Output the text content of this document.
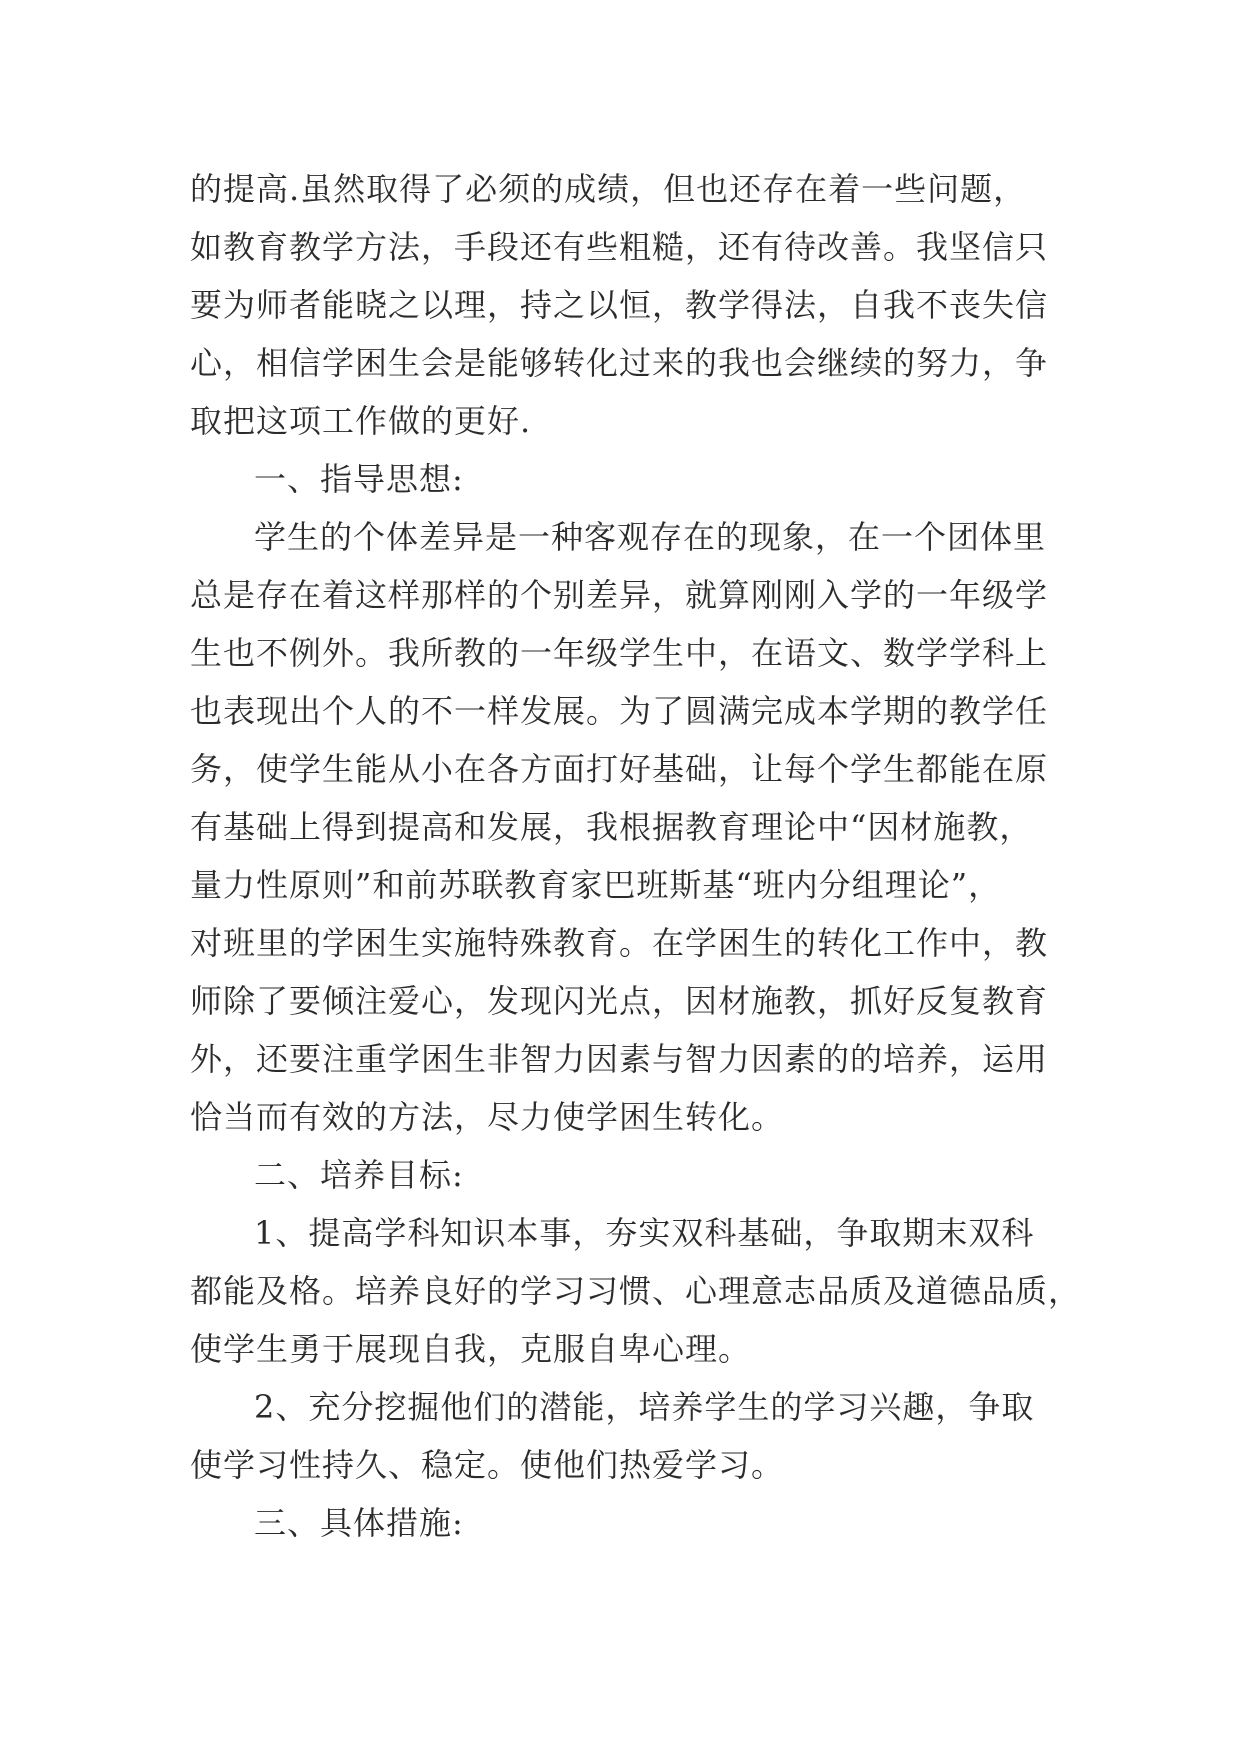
的提高.虽然取得了必须的成绩，但也还存在着一些问题，
如教育教学方法，手段还有些粗糙，还有待改善。我坚信只
要为师者能晓之以理，持之以恒，教学得法，自我不丧失信
心，相信学困生会是能够转化过来的我也会继续的努力，争
取把这项工作做的更好.
一、指导思想:
学生的个体差异是一种客观存在的现象，在一个团体里
总是存在着这样那样的个别差异，就算刚刚入学的一年级学
生也不例外。我所教的一年级学生中，在语文、数学学科上
也表现出个人的不一样发展。为了圆满完成本学期的教学任
务，使学生能从小在各方面打好基础，让每个学生都能在原
有基础上得到提高和发展，我根据教育理论中“因材施教，
量力性原则”和前苏联教育家巴班斯基“班内分组理论”，
对班里的学困生实施特殊教育。在学困生的转化工作中，教
师除了要倾注爱心，发现闪光点，因材施教，抓好反复教育
外，还要注重学困生非智力因素与智力因素的的培养，运用
恰当而有效的方法，尽力使学困生转化。
二、培养目标:
1、提高学科知识本事，夯实双科基础，争取期末双科
都能及格。培养良好的学习习惯、心理意志品质及道德品质，
使学生勇于展现自我，克服自卑心理。
2、充分挖掘他们的潜能，培养学生的学习兴趣，争取
使学习性持久、稳定。使他们热爱学习。
三、具体措施:
